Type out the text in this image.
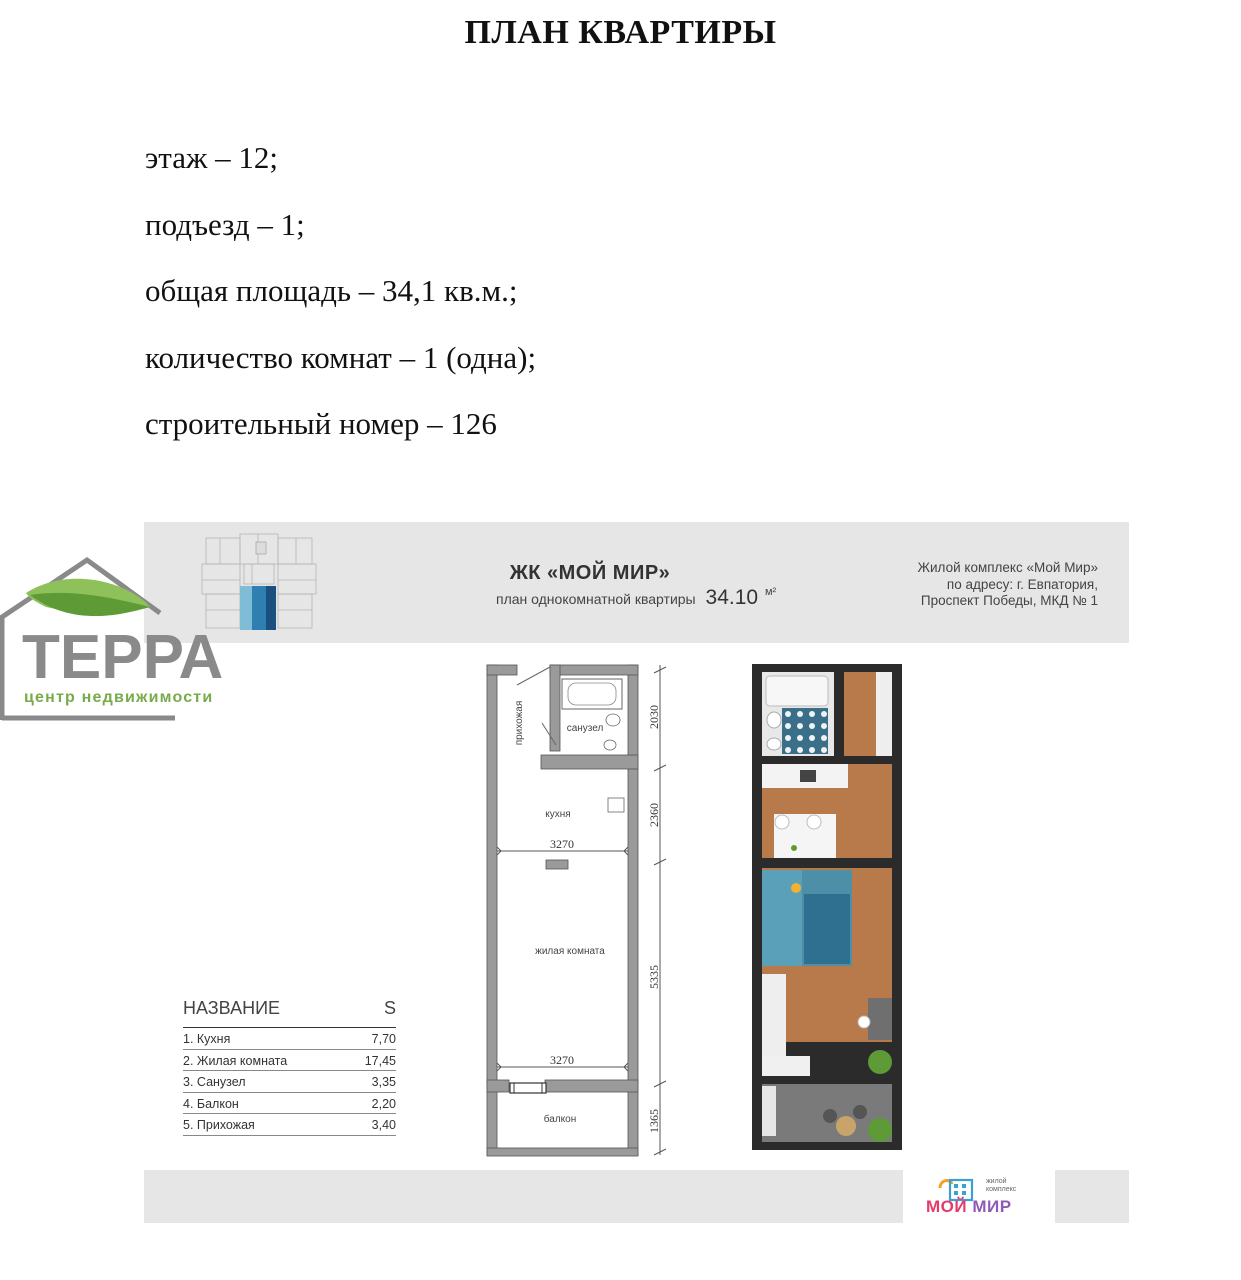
ПЛАН КВАРТИРЫ
этаж – 12;
подъезд – 1;
общая площадь – 34,1 кв.м.;
количество комнат – 1 (одна);
строительный номер – 126
ЖК «МОЙ МИР»
план однокомнатной квартиры 34.10 $^{м^2}$
Жилой комплекс «Мой Мир»
по адресу: г. Евпатория,
Проспект Победы, МКД № 1
ТЕРРА
центр недвижимости
прихожая	санузел
кухня
жилая комната
балкон
3270
3270
2030
2360
5335
1365
НАЗВАНИЕ	S
1. Кухня	7,70
2. Жилая комната	17,45
3. Санузел	3,35
4. Балкон	2,20
5. Прихожая	3,40
жилой
комплекс
МОЙ МИР
